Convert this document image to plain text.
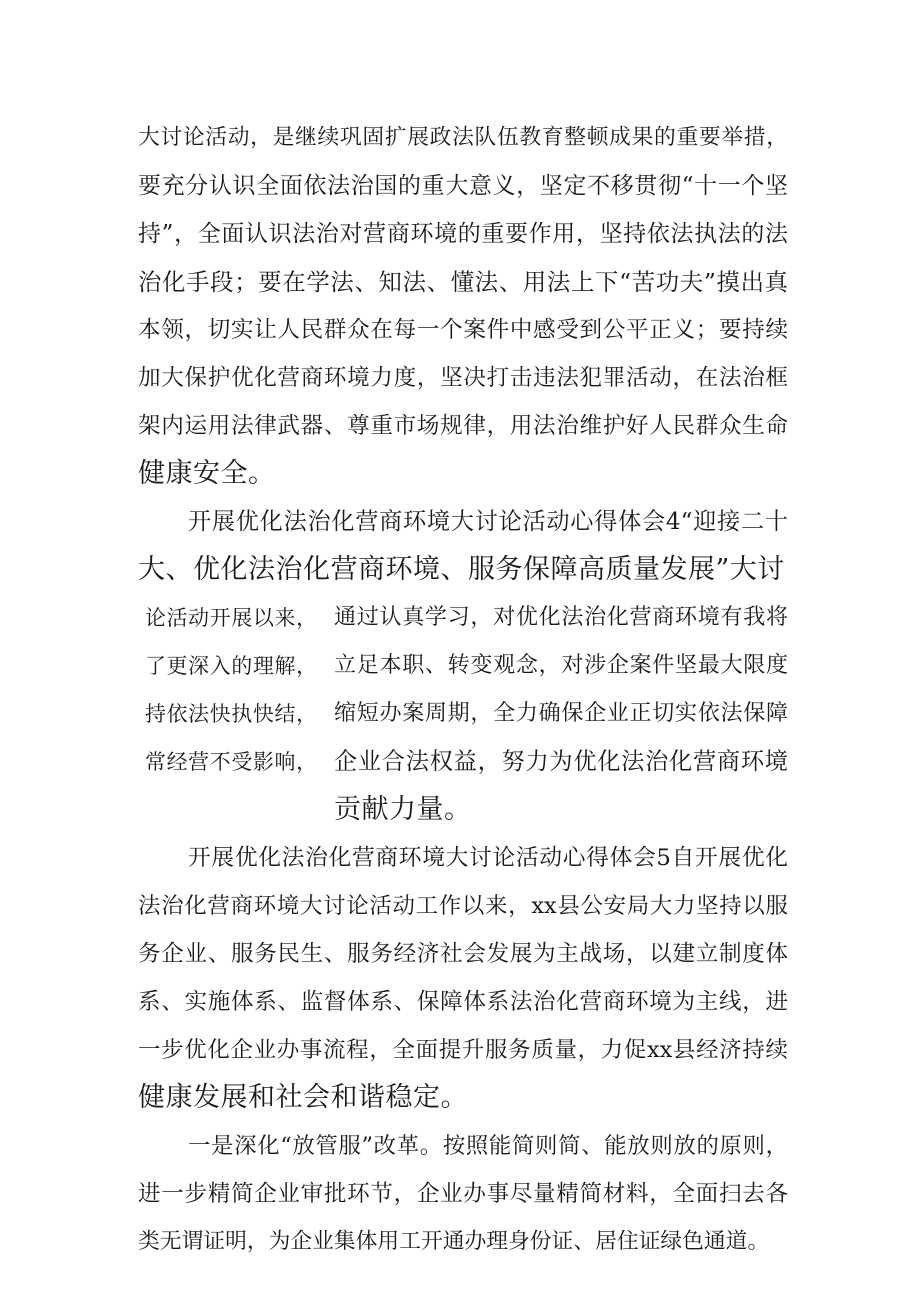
大讨论活动，是继续巩固扩展政法队伍教育整顿成果的重要举措，
要充分认识全面依法治国的重大意义，坚定不移贯彻“十一个坚
持”，全面认识法治对营商环境的重要作用，坚持依法执法的法
治化手段；要在学法、知法、懂法、用法上下“苦功夫”摸出真
本领，切实让人民群众在每一个案件中感受到公平正义；要持续
加大保护优化营商环境力度，坚决打击违法犯罪活动，在法治框
架内运用法律武器、尊重市场规律，用法治维护好人民群众生命
健康安全。
开展优化法治化营商环境大讨论活动心得体会4“迎接二十
大、优化法治化营商环境、服务保障高质量发展”大讨
论活动开展以来，
了更深入的理解，
持依法快执快结，
常经营不受影响，
通过认真学习，对优化法治化营商环境有我将
立足本职、转变观念，对涉企案件坚最大限度
缩短办案周期，全力确保企业正切实依法保障
企业合法权益，努力为优化法治化营商环境
贡献力量。
开展优化法治化营商环境大讨论活动心得体会5自开展优化
法治化营商环境大讨论活动工作以来，xx县公安局大力坚持以服
务企业、服务民生、服务经济社会发展为主战场，以建立制度体
系、实施体系、监督体系、保障体系法治化营商环境为主线，进
一步优化企业办事流程，全面提升服务质量，力促xx县经济持续
健康发展和社会和谐稳定。
一是深化“放管服”改革。按照能简则简、能放则放的原则，
进一步精简企业审批环节，企业办事尽量精简材料，全面扫去各
类无谓证明，为企业集体用工开通办理身份证、居住证绿色通道。
